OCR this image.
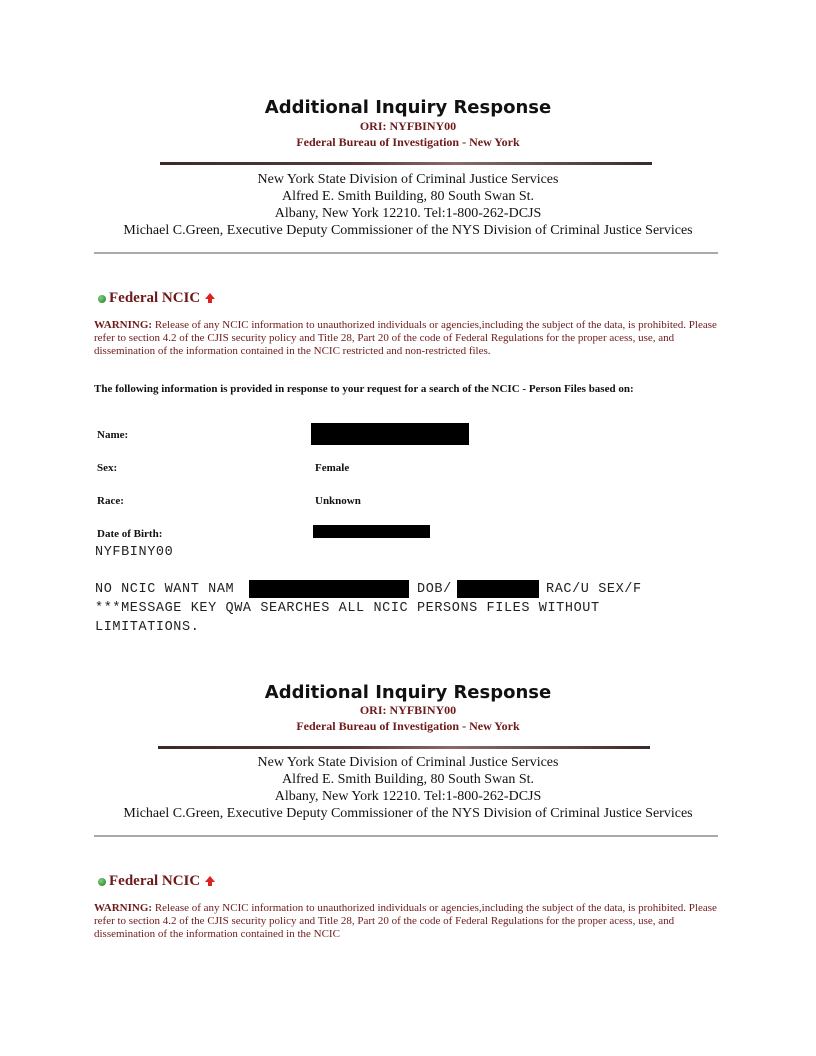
Additional Inquiry Response
ORI: NYFBINY00
Federal Bureau of Investigation - New York
New York State Division of Criminal Justice Services
Alfred E. Smith Building, 80 South Swan St.
Albany, New York 12210. Tel:1-800-262-DCJS
Michael C.Green, Executive Deputy Commissioner of the NYS Division of Criminal Justice Services
Federal NCIC
WARNING: Release of any NCIC information to unauthorized individuals or agencies,including the subject of the data, is prohibited. Please refer to section 4.2 of the CJIS security policy and Title 28, Part 20 of the code of Federal Regulations for the proper acess, use, and dissemination of the information contained in the NCIC restricted and non-restricted files.
The following information is provided in response to your request for a search of the NCIC - Person Files based on:
Name:
Sex:	Female
Race:	Unknown
Date of Birth:
NYFBINY00
NO NCIC WANT NAM	DOB/	RAC/U SEX/F
***MESSAGE KEY QWA SEARCHES ALL NCIC PERSONS FILES WITHOUT
LIMITATIONS.
Additional Inquiry Response
ORI: NYFBINY00
Federal Bureau of Investigation - New York
New York State Division of Criminal Justice Services
Alfred E. Smith Building, 80 South Swan St.
Albany, New York 12210. Tel:1-800-262-DCJS
Michael C.Green, Executive Deputy Commissioner of the NYS Division of Criminal Justice Services
Federal NCIC
WARNING: Release of any NCIC information to unauthorized individuals or agencies,including the subject of the data, is prohibited. Please refer to section 4.2 of the CJIS security policy and Title 28, Part 20 of the code of Federal Regulations for the proper acess, use, and dissemination of the information contained in the NCIC
